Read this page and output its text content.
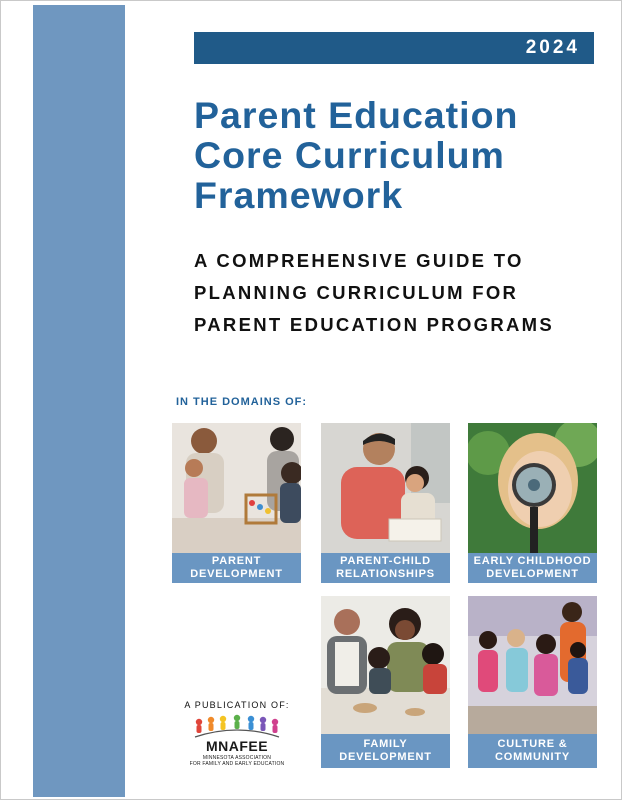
2024
Parent Education
Core Curriculum
Framework
A COMPREHENSIVE GUIDE TO
PLANNING CURRICULUM FOR
PARENT EDUCATION PROGRAMS
IN THE DOMAINS OF:
PARENT
DEVELOPMENT
PARENT-CHILD
RELATIONSHIPS
EARLY CHILDHOOD
DEVELOPMENT
FAMILY
DEVELOPMENT
CULTURE &
COMMUNITY
A PUBLICATION OF:
MNAFEE
MINNESOTA ASSOCIATION
FOR FAMILY AND EARLY EDUCATION
